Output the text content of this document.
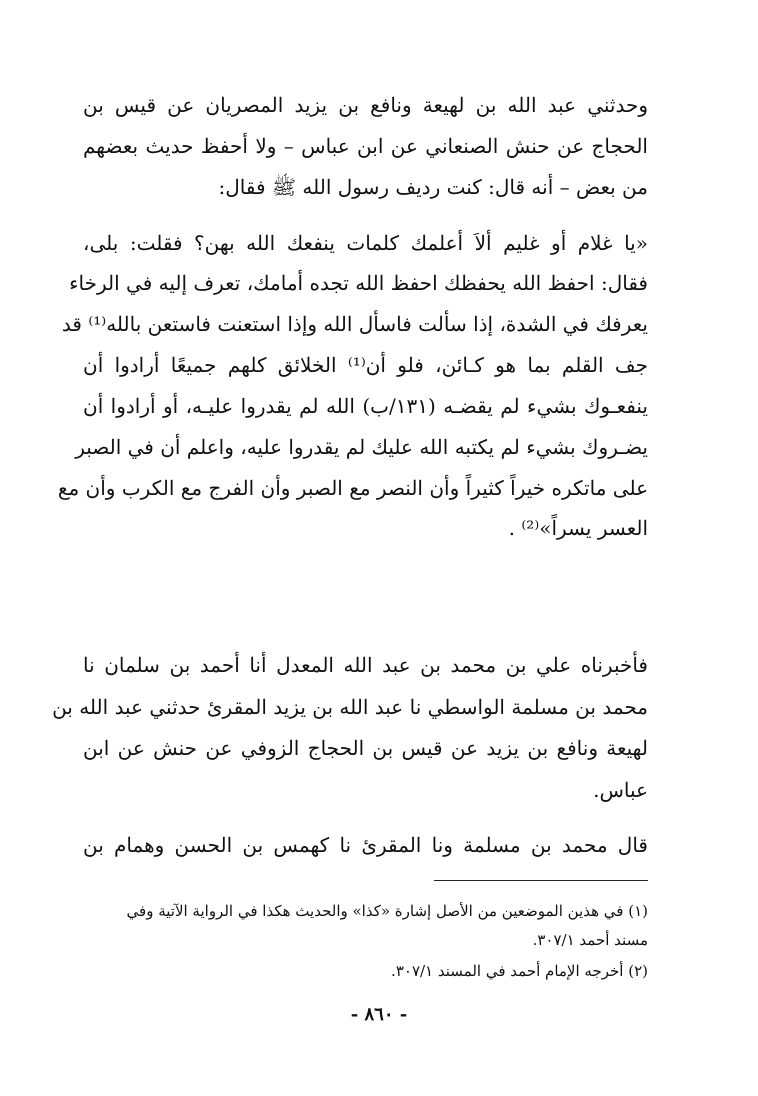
وحدثني عبد الله بن لهيعة ونافع بن يزيد المصريان عن قيس بن
الحجاج عن حنش الصنعاني عن ابن عباس – ولا أحفظ حديث بعضهم
من بعض – أنه قال: كنت رديف رسول الله ﷺ فقال:
«يا غلام أو غليم ألاَ أعلمك كلمات ينفعك الله بهن؟ فقلت: بلى،
فقال: احفظ الله يحفظك احفظ الله تجده أمامك، تعرف إليه في الرخاء
يعرفك في الشدة، إذا سألت فاسأل الله وإذا استعنت فاستعن بالله⁽¹⁾ قد
جف القلم بما هو كـائن، فلو أن⁽¹⁾ الخلائق كلهم جميعًا أرادوا أن
ينفعـوك بشيء لم يقضـه (١٣١/ب) الله لم يقدروا عليـه، أو أرادوا أن
يضـروك بشيء لم يكتبه الله عليك لم يقدروا عليه، واعلم أن في الصبر
على ماتكره خيراً كثيراً وأن النصر مع الصبر وأن الفرج مع الكرب وأن مع
العسر يسراً»⁽²⁾ .
فأخبرناه علي بن محمد بن عبد الله المعدل أنا أحمد بن سلمان نا
محمد بن مسلمة الواسطي نا عبد الله بن يزيد المقرئ حدثني عبد الله بن
لهيعة ونافع بن يزيد عن قيس بن الحجاج الزوفي عن حنش عن ابن
عباس.
قال محمد بن مسلمة ونا المقرئ نا كهمس بن الحسن وهمام بن
(١) في هذين الموضعين من الأصل إشارة «كذا» والحديث هكذا في الرواية الآتية وفي
مسند أحمد ٣٠٧/١.
(٢) أخرجه الإمام أحمد في المسند ٣٠٧/١.
- ٨٦٠ -
